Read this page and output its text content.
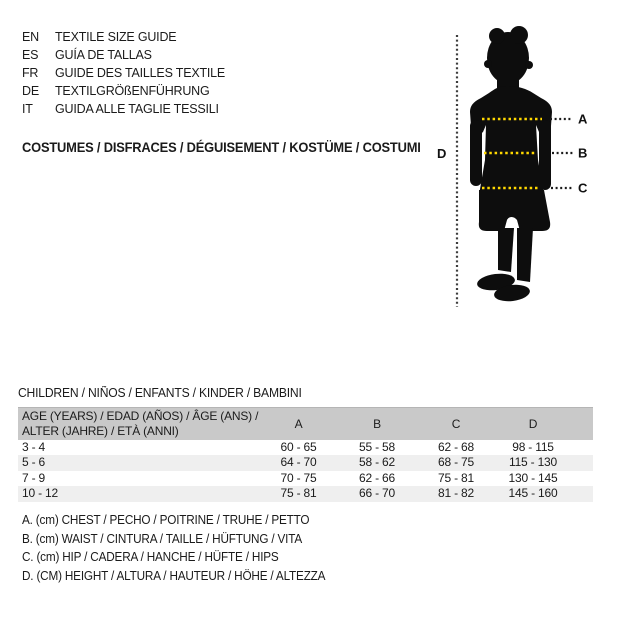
EN	TEXTILE SIZE GUIDE
ES	GUÍA DE TALLAS
FR	GUIDE DES TAILLES TEXTILE
DE	TEXTILGRÖßENFÜHRUNG
IT	GUIDA ALLE TAGLIE TESSILI
COSTUMES / DISFRACES / DÉGUISEMENT / KOSTÜME / COSTUMI
A
B
C
D
CHILDREN / NIÑOS / ENFANTS / KINDER / BAMBINI
AGE (YEARS) / EDAD (AÑOS) / ÂGE (ANS) /
ALTER (JAHRE) / ETÀ (ANNI)	A	B	C	D
3 - 4	60 - 65	55 - 58	62 - 68	98 - 115
5 - 6	64 - 70	58 - 62	68 - 75	115 - 130
7 - 9	70 - 75	62 - 66	75 - 81	130 - 145
10 - 12	75 - 81	66 - 70	81 - 82	145 - 160
A. (cm) CHEST / PECHO / POITRINE / TRUHE / PETTO
B. (cm) WAIST / CINTURA / TAILLE / HÜFTUNG / VITA
C. (cm) HIP / CADERA / HANCHE / HÜFTE / HIPS
D. (CM) HEIGHT / ALTURA / HAUTEUR / HÖHE / ALTEZZA
